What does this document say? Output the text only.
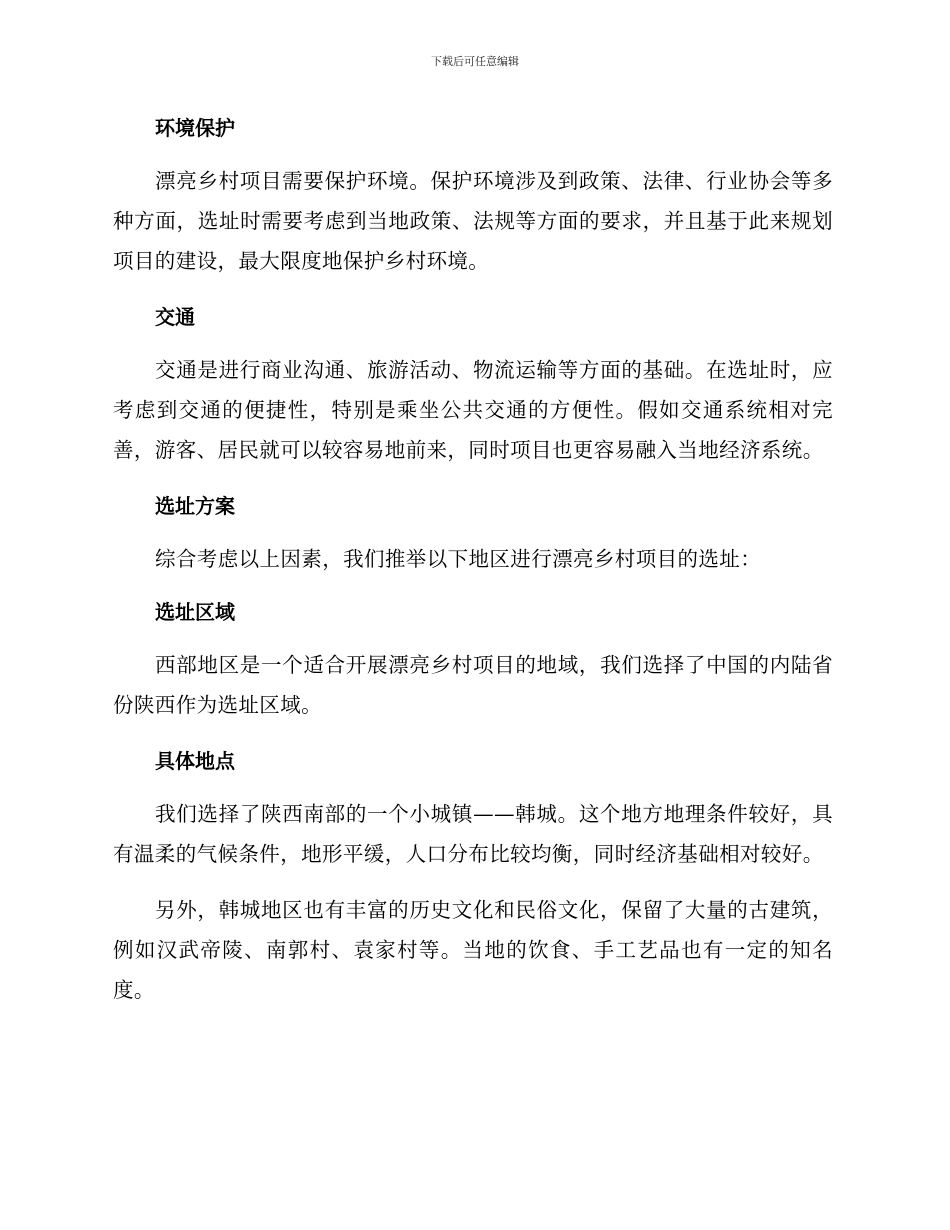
下载后可任意编辑
环境保护

漂亮乡村项目需要保护环境。保护环境涉及到政策、法律、行业协会等多种方面，选址时需要考虑到当地政策、法规等方面的要求，并且基于此来规划项目的建设，最大限度地保护乡村环境。

交通

交通是进行商业沟通、旅游活动、物流运输等方面的基础。在选址时，应考虑到交通的便捷性，特别是乘坐公共交通的方便性。假如交通系统相对完善，游客、居民就可以较容易地前来，同时项目也更容易融入当地经济系统。

选址方案

综合考虑以上因素，我们推举以下地区进行漂亮乡村项目的选址：

选址区域

西部地区是一个适合开展漂亮乡村项目的地域，我们选择了中国的内陆省份陕西作为选址区域。

具体地点

我们选择了陕西南部的一个小城镇——韩城。这个地方地理条件较好，具有温柔的气候条件，地形平缓，人口分布比较均衡，同时经济基础相对较好。

另外，韩城地区也有丰富的历史文化和民俗文化，保留了大量的古建筑，例如汉武帝陵、南郭村、袁家村等。当地的饮食、手工艺品也有一定的知名度。
